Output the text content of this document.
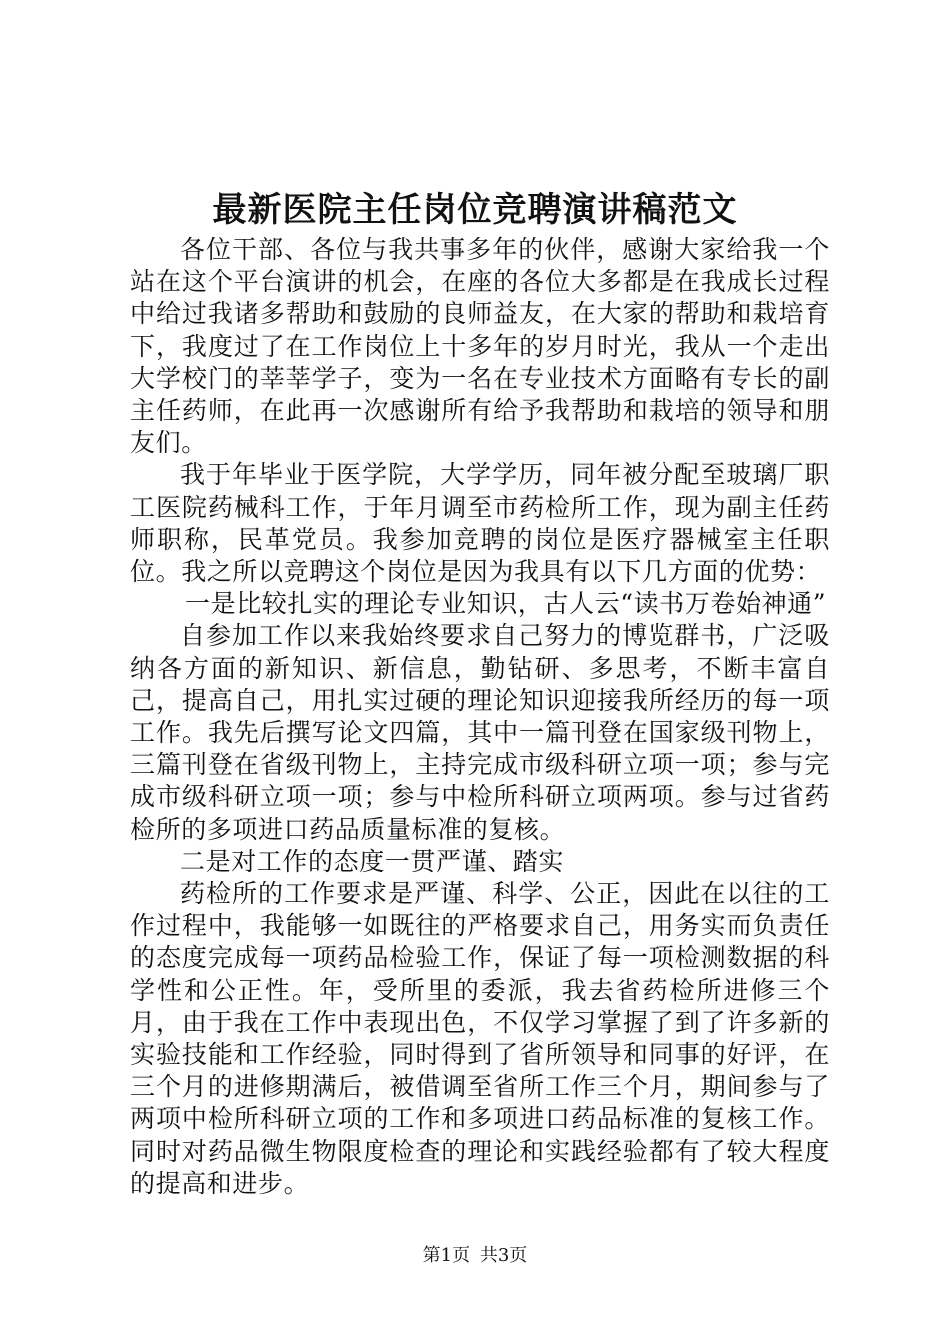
最新医院主任岗位竞聘演讲稿范文

各位干部、各位与我共事多年的伙伴，感谢大家给我一个站在这个平台演讲的机会，在座的各位大多都是在我成长过程中给过我诸多帮助和鼓励的良师益友，在大家的帮助和栽培育下，我度过了在工作岗位上十多年的岁月时光，我从一个走出大学校门的莘莘学子，变为一名在专业技术方面略有专长的副主任药师，在此再一次感谢所有给予我帮助和栽培的领导和朋友们。

我于年毕业于医学院，大学学历，同年被分配至玻璃厂职工医院药械科工作，于年月调至市药检所工作，现为副主任药师职称，民革党员。我参加竞聘的岗位是医疗器械室主任职位。我之所以竞聘这个岗位是因为我具有以下几方面的优势：

一是比较扎实的理论专业知识，古人云“读书万卷始神通”

自参加工作以来我始终要求自己努力的博览群书，广泛吸纳各方面的新知识、新信息，勤钻研、多思考，不断丰富自己，提高自己，用扎实过硬的理论知识迎接我所经历的每一项工作。我先后撰写论文四篇，其中一篇刊登在国家级刊物上，三篇刊登在省级刊物上，主持完成市级科研立项一项；参与完成市级科研立项一项；参与中检所科研立项两项。参与过省药检所的多项进口药品质量标准的复核。

二是对工作的态度一贯严谨、踏实

药检所的工作要求是严谨、科学、公正，因此在以往的工作过程中，我能够一如既往的严格要求自己，用务实而负责任的态度完成每一项药品检验工作，保证了每一项检测数据的科学性和公正性。年，受所里的委派，我去省药检所进修三个月，由于我在工作中表现出色，不仅学习掌握了到了许多新的实验技能和工作经验，同时得到了省所领导和同事的好评，在三个月的进修期满后，被借调至省所工作三个月，期间参与了两项中检所科研立项的工作和多项进口药品标准的复核工作。同时对药品微生物限度检查的理论和实践经验都有了较大程度的提高和进步。

第1页 共3页
